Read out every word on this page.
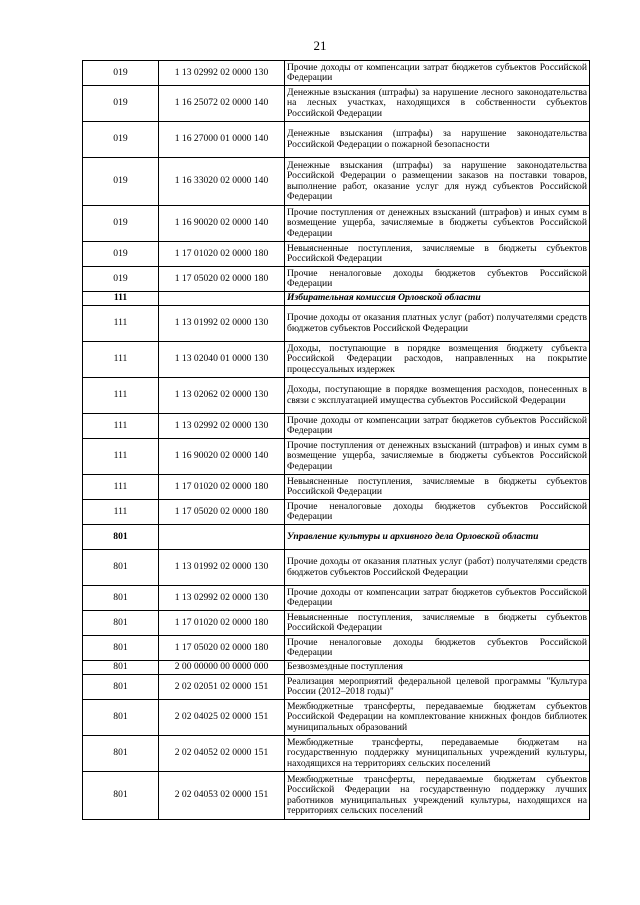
21
019	1 13 02992 02 0000 130	Прочие доходы от компенсации затрат бюджетов субъектов Российской Федерации
019	1 16 25072 02 0000 140	Денежные взыскания (штрафы) за нарушение лесного законодательства на лесных участках, находящихся в собственности субъектов Российской Федерации
019	1 16 27000 01 0000 140	Денежные взыскания (штрафы) за нарушение законодательства Российской Федерации о пожарной безопасности
019	1 16 33020 02 0000 140	Денежные взыскания (штрафы) за нарушение законодательства Российской Федерации о размещении заказов на поставки товаров, выполнение работ, оказание услуг для нужд субъектов Российской Федерации
019	1 16 90020 02 0000 140	Прочие поступления от денежных взысканий (штрафов) и иных сумм в возмещение ущерба, зачисляемые в бюджеты субъектов Российской Федерации
019	1 17 01020 02 0000 180	Невыясненные поступления, зачисляемые в бюджеты субъектов Российской Федерации
019	1 17 05020 02 0000 180	Прочие неналоговые доходы бюджетов субъектов Российской Федерации
111		Избирательная комиссия Орловской области
111	1 13 01992 02 0000 130	Прочие доходы от оказания платных услуг (работ) получателями средств бюджетов субъектов Российской Федерации
111	1 13 02040 01 0000 130	Доходы, поступающие в порядке возмещения бюджету субъекта Российской Федерации расходов, направленных на покрытие процессуальных издержек
111	1 13 02062 02 0000 130	Доходы, поступающие в порядке возмещения расходов, понесенных в связи с эксплуатацией имущества субъектов Российской Федерации
111	1 13 02992 02 0000 130	Прочие доходы от компенсации затрат бюджетов субъектов Российской Федерации
111	1 16 90020 02 0000 140	Прочие поступления от денежных взысканий (штрафов) и иных сумм в возмещение ущерба, зачисляемые в бюджеты субъектов Российской Федерации
111	1 17 01020 02 0000 180	Невыясненные поступления, зачисляемые в бюджеты субъектов Российской Федерации
111	1 17 05020 02 0000 180	Прочие неналоговые доходы бюджетов субъектов Российской Федерации
801		Управление культуры и архивного дела Орловской области
801	1 13 01992 02 0000 130	Прочие доходы от оказания платных услуг (работ) получателями средств бюджетов субъектов Российской Федерации
801	1 13 02992 02 0000 130	Прочие доходы от компенсации затрат бюджетов субъектов Российской Федерации
801	1 17 01020 02 0000 180	Невыясненные поступления, зачисляемые в бюджеты субъектов Российской Федерации
801	1 17 05020 02 0000 180	Прочие неналоговые доходы бюджетов субъектов Российской Федерации
801	2 00 00000 00 0000 000	Безвозмездные поступления
801	2 02 02051 02 0000 151	Реализация мероприятий федеральной целевой программы "Культура России (2012–2018 годы)"
801	2 02 04025 02 0000 151	Межбюджетные трансферты, передаваемые бюджетам субъектов Российской Федерации на комплектование книжных фондов библиотек муниципальных образований
801	2 02 04052 02 0000 151	Межбюджетные трансферты, передаваемые бюджетам на государственную поддержку муниципальных учреждений культуры, находящихся на территориях сельских поселений
801	2 02 04053 02 0000 151	Межбюджетные трансферты, передаваемые бюджетам субъектов Российской Федерации на государственную поддержку лучших работников муниципальных учреждений культуры, находящихся на территориях сельских поселений
